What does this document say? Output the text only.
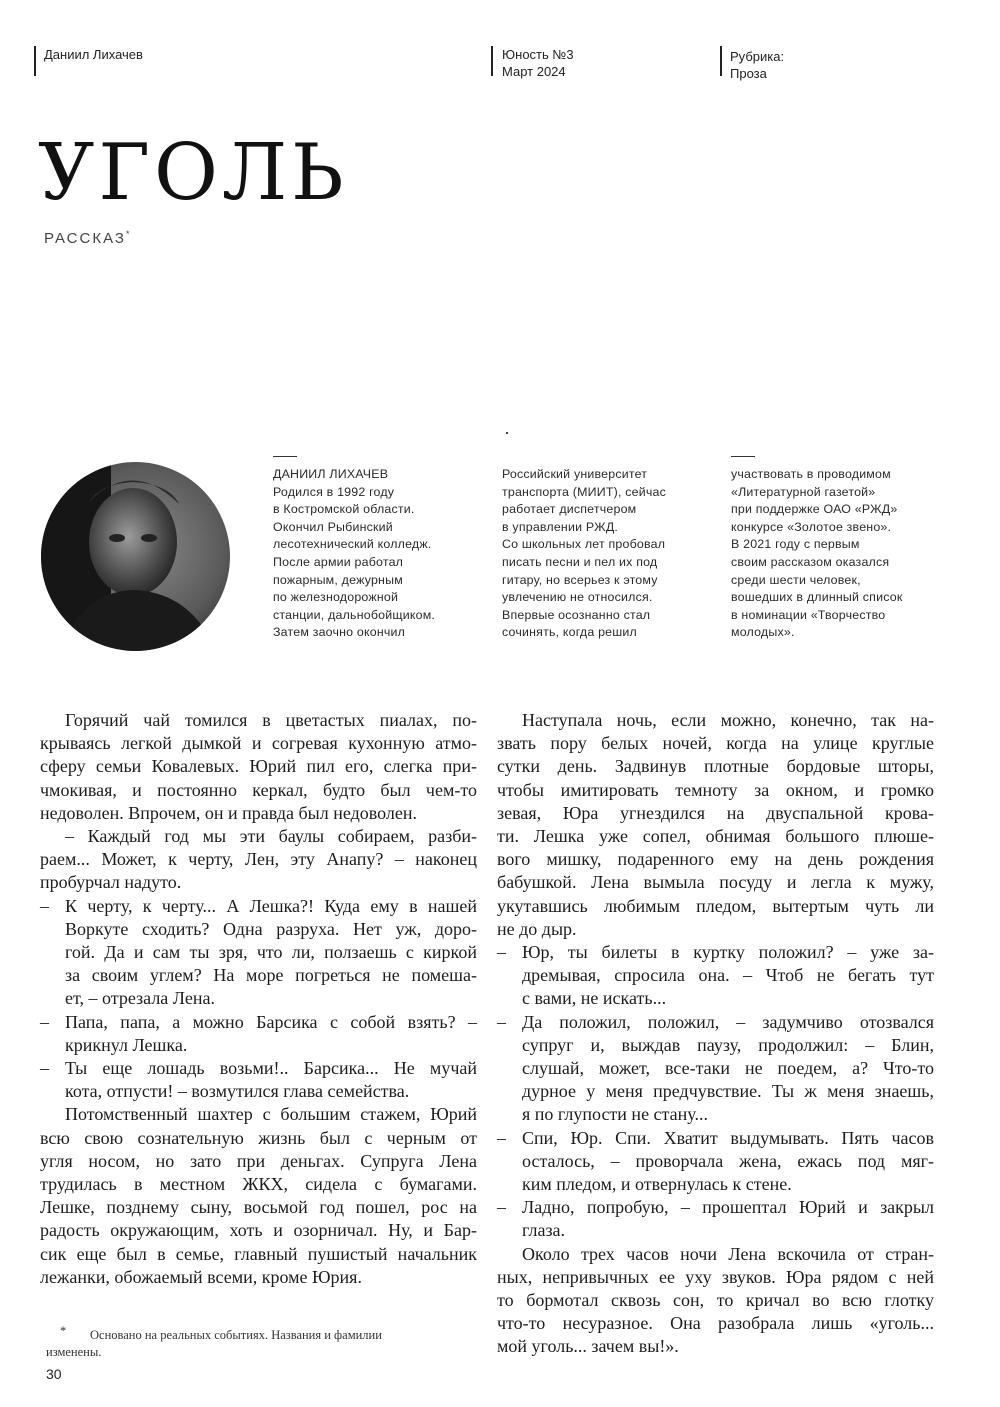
Даниил Лихачев	Юность №3
Март 2024
Рубрика:
Проза
УГОЛЬ
РАССКАЗ*
ДАНИИЛ ЛИХАЧЕВ
Родился в 1992 году
в Костромской области.
Окончил Рыбинский
лесотехнический колледж.
После армии работал
пожарным, дежурным
по железнодорожной
станции, дальнобойщиком.
Затем заочно окончил
Российский университет
транспорта (МИИТ), сейчас
работает диспетчером
в управлении РЖД.
Со школьных лет пробовал
писать песни и пел их под
гитару, но всерьез к этому
увлечению не относился.
Впервые осознанно стал
сочинять, когда решил
участвовать в проводимом
«Литературной газетой»
при поддержке ОАО «РЖД»
конкурсе «Золотое звено».
В 2021 году с первым
своим рассказом оказался
среди шести человек,
вошедших в длинный список
в номинации «Творчество
молодых».
Горячий чай томился в цветастых пиалах, по-
крываясь легкой дымкой и согревая кухонную атмо-
сферу семьи Ковалевых. Юрий пил его, слегка при-
чмокивая, и постоянно керкал, будто был чем-то
недоволен. Впрочем, он и правда был недоволен.
– Каждый год мы эти баулы собираем, разби-
раем... Может, к черту, Лен, эту Анапу? – наконец
пробурчал надуто.
– К черту, к черту... А Лешка?! Куда ему в нашей
Воркуте сходить? Одна разруха. Нет уж, доро-
гой. Да и сам ты зря, что ли, ползаешь с киркой
за своим углем? На море погреться не помеша-
ет, – отрезала Лена.
– Папа, папа, а можно Барсика с собой взять? –
крикнул Лешка.
– Ты еще лошадь возьми!.. Барсика... Не мучай
кота, отпусти! – возмутился глава семейства.
Потомственный шахтер с большим стажем, Юрий
всю свою сознательную жизнь был с черным от
угля носом, но зато при деньгах. Супруга Лена
трудилась в местном ЖКХ, сидела с бумагами.
Лешке, позднему сыну, восьмой год пошел, рос на
радость окружающим, хоть и озорничал. Ну, и Бар-
сик еще был в семье, главный пушистый начальник
лежанки, обожаемый всеми, кроме Юрия.
Наступала ночь, если можно, конечно, так на-
звать пору белых ночей, когда на улице круглые
сутки день. Задвинув плотные бордовые шторы,
чтобы имитировать темноту за окном, и громко
зевая, Юра угнездился на двуспальной крова-
ти. Лешка уже сопел, обнимая большого плюше-
вого мишку, подаренного ему на день рождения
бабушкой. Лена вымыла посуду и легла к мужу,
укутавшись любимым пледом, вытертым чуть ли
не до дыр.
– Юр, ты билеты в куртку положил? – уже за-
дремывая, спросила она. – Чтоб не бегать тут
с вами, не искать...
– Да положил, положил, – задумчиво отозвался
супруг и, выждав паузу, продолжил: – Блин,
слушай, может, все-таки не поедем, а? Что-то
дурное у меня предчувствие. Ты ж меня знаешь,
я по глупости не стану...
– Спи, Юр. Спи. Хватит выдумывать. Пять часов
осталось, – проворчала жена, ежась под мяг-
ким пледом, и отвернулась к стене.
– Ладно, попробую, – прошептал Юрий и закрыл
глаза.
Около трех часов ночи Лена вскочила от стран-
ных, непривычных ее уху звуков. Юра рядом с ней
то бормотал сквозь сон, то кричал во всю глотку
что-то несуразное. Она разобрала лишь «уголь...
мой уголь... зачем вы!».
*	Основано на реальных событиях. Названия и фамилии
изменены.
30
